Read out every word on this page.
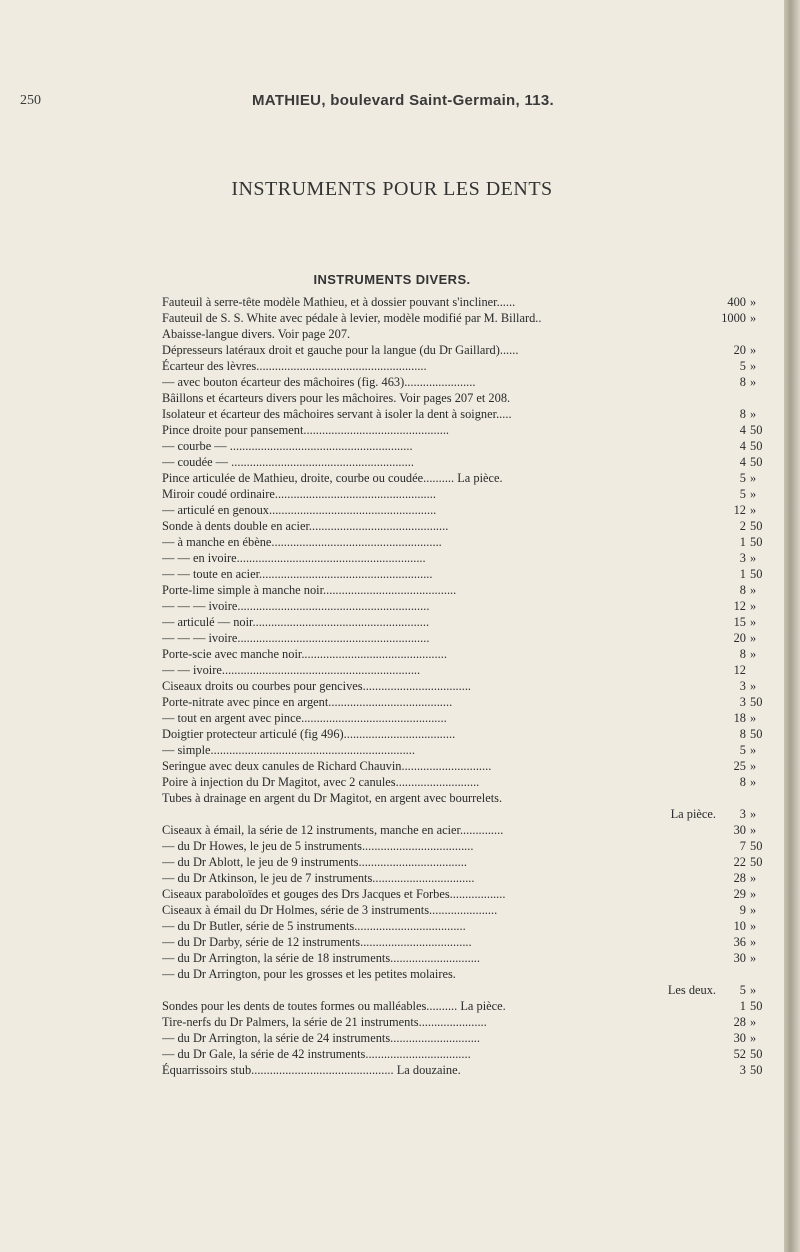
250	MATHIEU, boulevard Saint-Germain, 113.
INSTRUMENTS POUR LES DENTS
INSTRUMENTS DIVERS.
Fauteuil à serre-tête modèle Mathieu, et à dossier pouvant s'incliner......	400 »
Fauteuil de S. S. White avec pédale à levier, modèle modifié par M. Billard..	1000 »
Abaisse-langue divers. Voir page 207.
Dépresseurs latéraux droit et gauche pour la langue (du Dr Gaillard)......	20 »
Écarteur des lèvres.......................................................	5 »
— avec bouton écarteur des mâchoires (fig. 463).......................	8 »
Bâillons et écarteurs divers pour les mâchoires. Voir pages 207 et 208.
Isolateur et écarteur des mâchoires servant à isoler la dent à soigner.....	8 »
Pince droite pour pansement...............................................	4 50
— courbe — ...........................................................	4 50
— coudée — ...........................................................	4 50
Pince articulée de Mathieu, droite, courbe ou coudée.......... La pièce.	5 »
Miroir coudé ordinaire....................................................	5 »
— articulé en genoux......................................................	12 »
Sonde à dents double en acier.............................................	2 50
— à manche en ébène.......................................................	1 50
— — en ivoire.............................................................	3 »
— — toute en acier........................................................	1 50
Porte-lime simple à manche noir...........................................	8 »
— — — ivoire..............................................................	12 »
— articulé — noir.........................................................	15 »
— — — ivoire..............................................................	20 »
Porte-scie avec manche noir...............................................	8 »
— — ivoire................................................................	12
Ciseaux droits ou courbes pour gencives...................................	3 »
Porte-nitrate avec pince en argent........................................	3 50
— tout en argent avec pince...............................................	18 »
Doigtier protecteur articulé (fig 496)....................................	8 50
— simple..................................................................	5 »
Seringue avec deux canules de Richard Chauvin.............................	25 »
Poire à injection du Dr Magitot, avec 2 canules...........................	8 »
Tubes à drainage en argent du Dr Magitot, en argent avec bourrelets.
La pièce.	3 »
Ciseaux à émail, la série de 12 instruments, manche en acier..............	30 »
— du Dr Howes, le jeu de 5 instruments....................................	7 50
— du Dr Ablott, le jeu de 9 instruments...................................	22 50
— du Dr Atkinson, le jeu de 7 instruments.................................	28 »
Ciseaux paraboloïdes et gouges des Drs Jacques et Forbes..................	29 »
Ciseaux à émail du Dr Holmes, série de 3 instruments......................	9 »
— du Dr Butler, série de 5 instruments....................................	10 »
— du Dr Darby, série de 12 instruments....................................	36 »
— du Dr Arrington, la série de 18 instruments.............................	30 »
— du Dr Arrington, pour les grosses et les petites molaires.
Les deux.	5 »
Sondes pour les dents de toutes formes ou malléables.......... La pièce.	1 50
Tire-nerfs du Dr Palmers, la série de 21 instruments......................	28 »
— du Dr Arrington, la série de 24 instruments.............................	30 »
— du Dr Gale, la série de 42 instruments..................................	52 50
Équarrissoirs stub.............................................. La douzaine.	3 50
